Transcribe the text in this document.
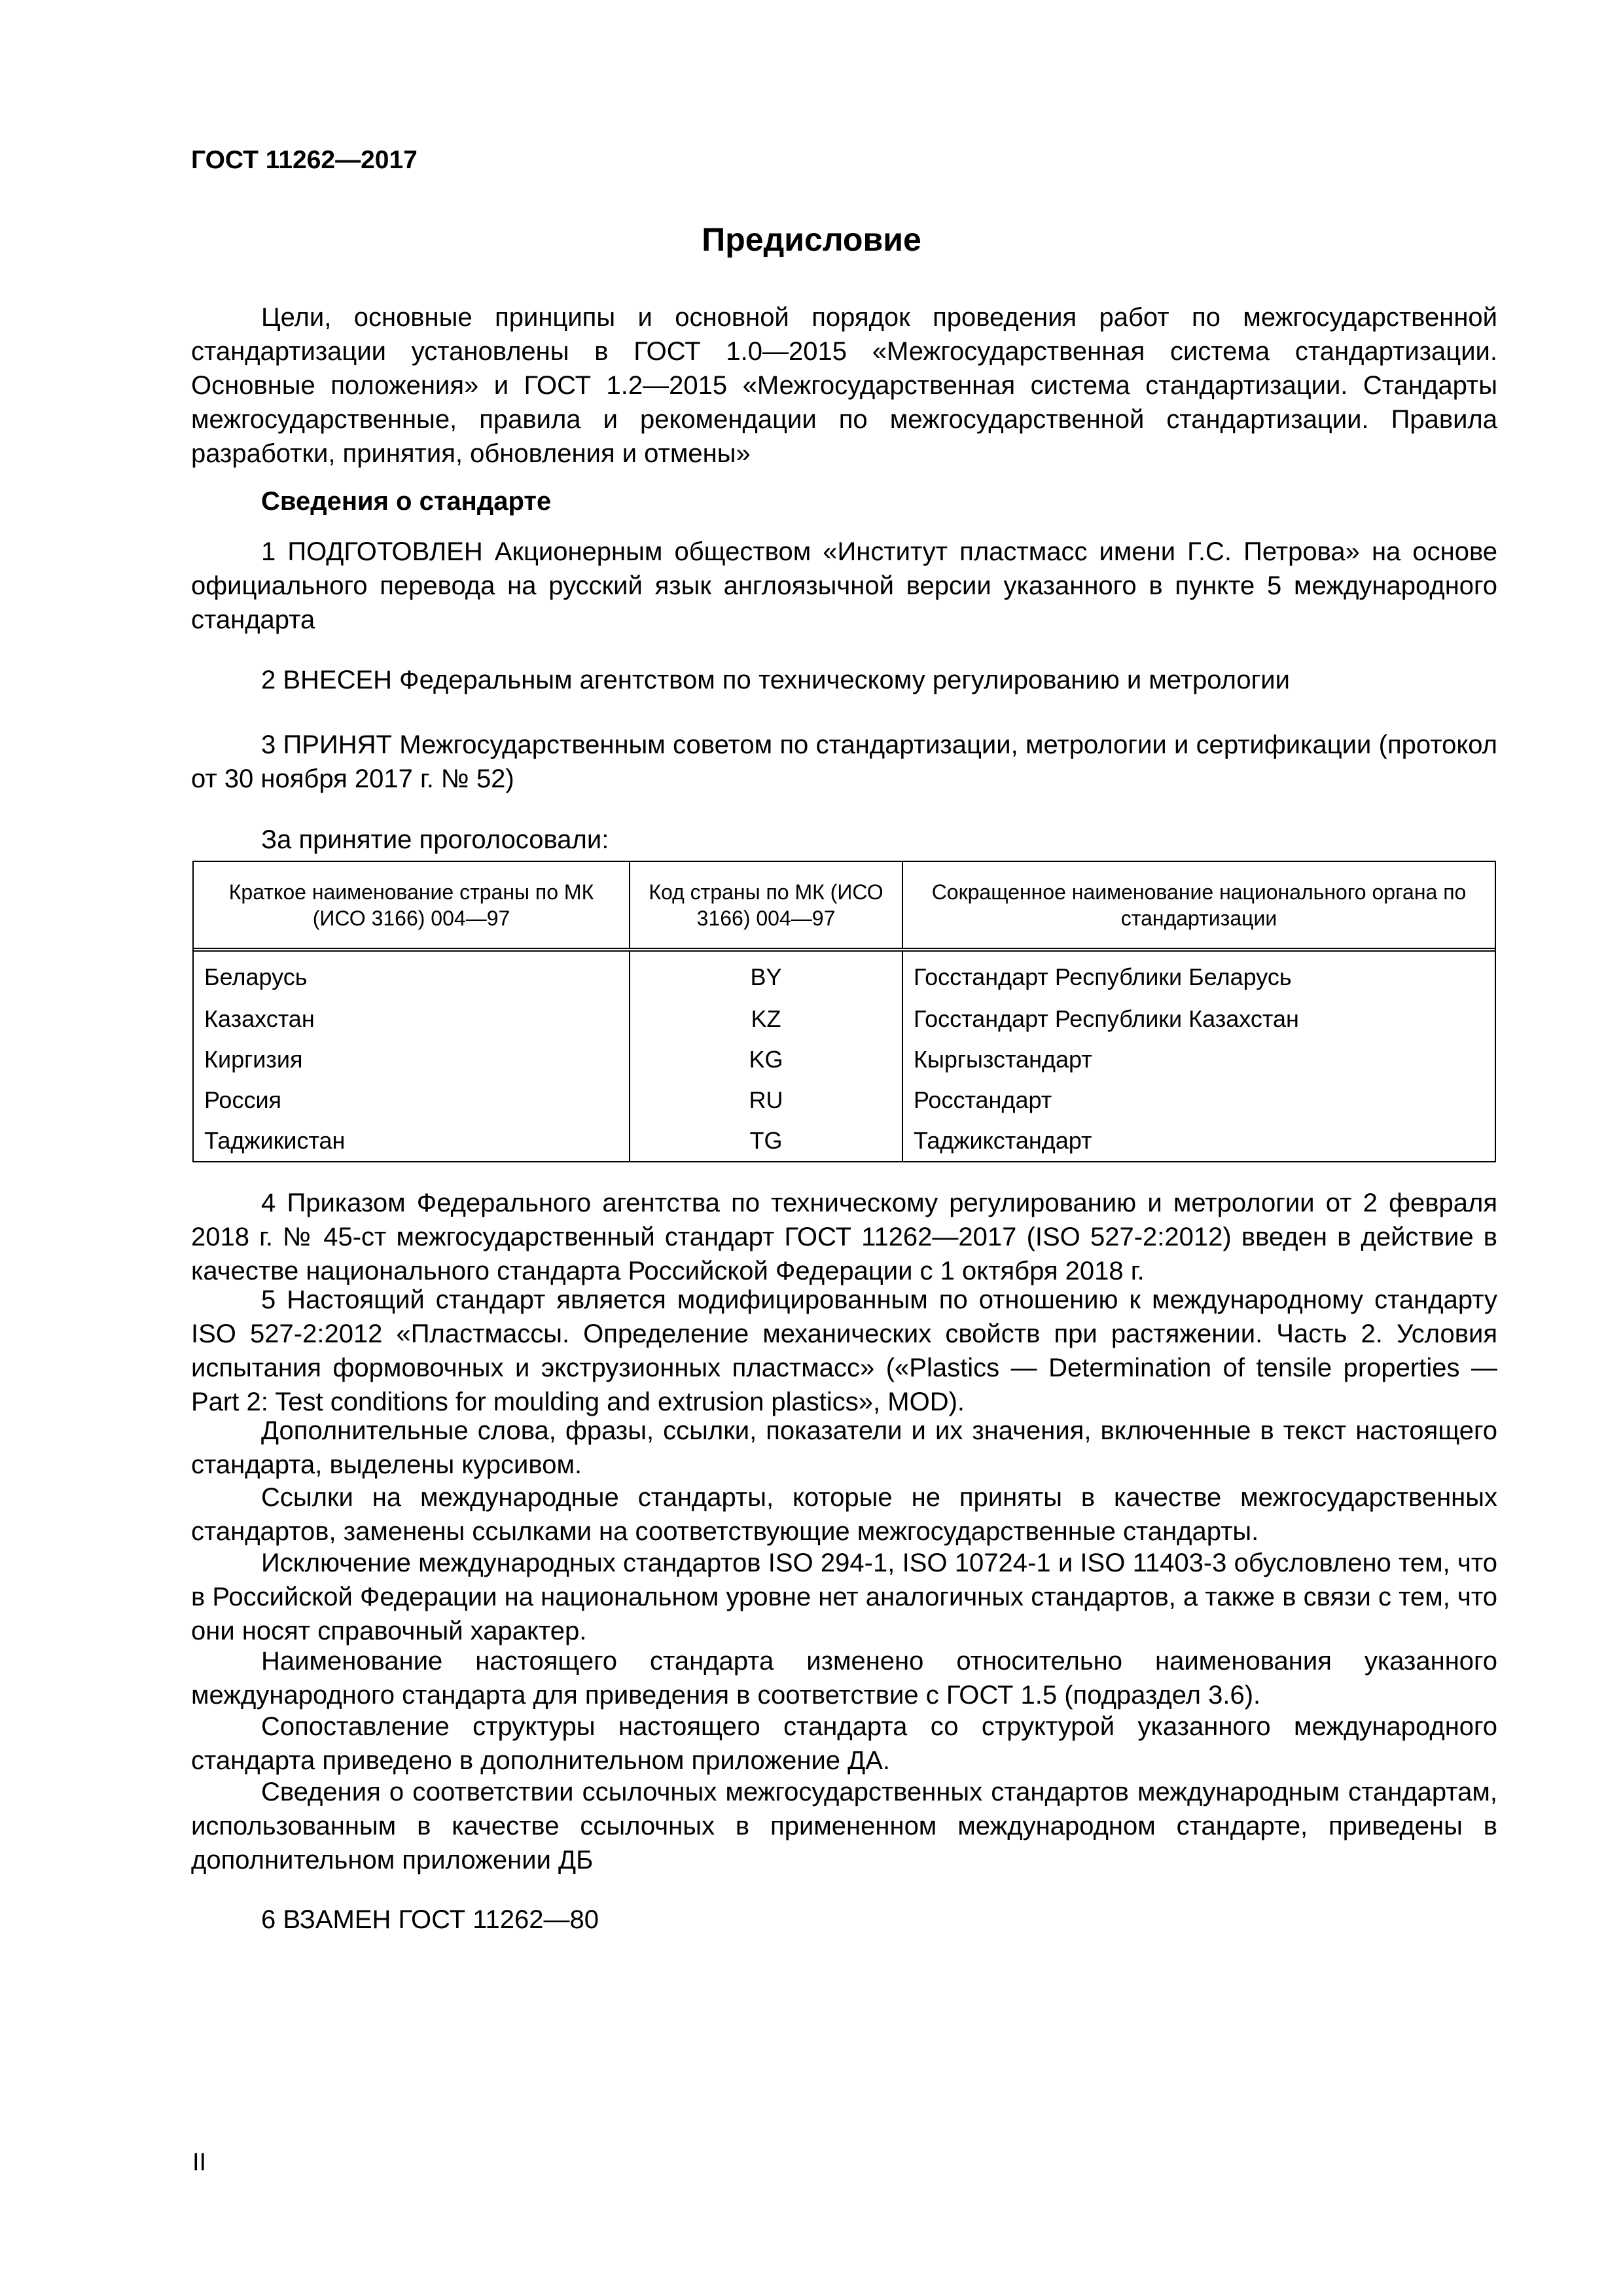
ГОСТ 11262—2017

Предисловие

Цели, основные принципы и основной порядок проведения работ по межгосударственной стандартизации установлены в ГОСТ 1.0—2015 «Межгосударственная система стандартизации. Основные положения» и ГОСТ 1.2—2015 «Межгосударственная система стандартизации. Стандарты межгосударственные, правила и рекомендации по межгосударственной стандартизации. Правила разработки, принятия, обновления и отмены»

Сведения о стандарте

1 ПОДГОТОВЛЕН Акционерным обществом «Институт пластмасс имени Г.С. Петрова» на основе официального перевода на русский язык англоязычной версии указанного в пункте 5 международного стандарта

2 ВНЕСЕН Федеральным агентством по техническому регулированию и метрологии

3 ПРИНЯТ Межгосударственным советом по стандартизации, метрологии и сертификации (протокол от 30 ноября 2017 г. № 52)

За принятие проголосовали:

Краткое наименование страны по МК (ИСО 3166) 004—97	Код страны по МК (ИСО 3166) 004—97	Сокращенное наименование национального органа по стандартизации
Беларусь	BY	Госстандарт Республики Беларусь
Казахстан	KZ	Госстандарт Республики Казахстан
Киргизия	KG	Кыргызстандарт
Россия	RU	Росстандарт
Таджикистан	TG	Таджикстандарт

4 Приказом Федерального агентства по техническому регулированию и метрологии от 2 февраля 2018 г. № 45-ст межгосударственный стандарт ГОСТ 11262—2017 (ISO 527-2:2012) введен в действие в качестве национального стандарта Российской Федерации с 1 октября 2018 г.

5 Настоящий стандарт является модифицированным по отношению к международному стандарту ISO 527-2:2012 «Пластмассы. Определение механических свойств при растяжении. Часть 2. Условия испытания формовочных и экструзионных пластмасс» («Plastics — Determination of tensile properties — Part 2: Test conditions for moulding and extrusion plastics», MOD).

Дополнительные слова, фразы, ссылки, показатели и их значения, включенные в текст настоящего стандарта, выделены курсивом.

Ссылки на международные стандарты, которые не приняты в качестве межгосударственных стандартов, заменены ссылками на соответствующие межгосударственные стандарты.

Исключение международных стандартов ISO 294-1, ISO 10724-1 и ISO 11403-3 обусловлено тем, что в Российской Федерации на национальном уровне нет аналогичных стандартов, а также в связи с тем, что они носят справочный характер.

Наименование настоящего стандарта изменено относительно наименования указанного международного стандарта для приведения в соответствие с ГОСТ 1.5 (подраздел 3.6).

Сопоставление структуры настоящего стандарта со структурой указанного международного стандарта приведено в дополнительном приложение ДА.

Сведения о соответствии ссылочных межгосударственных стандартов международным стандартам, использованным в качестве ссылочных в примененном международном стандарте, приведены в дополнительном приложении ДБ

6 ВЗАМЕН ГОСТ 11262—80

II
